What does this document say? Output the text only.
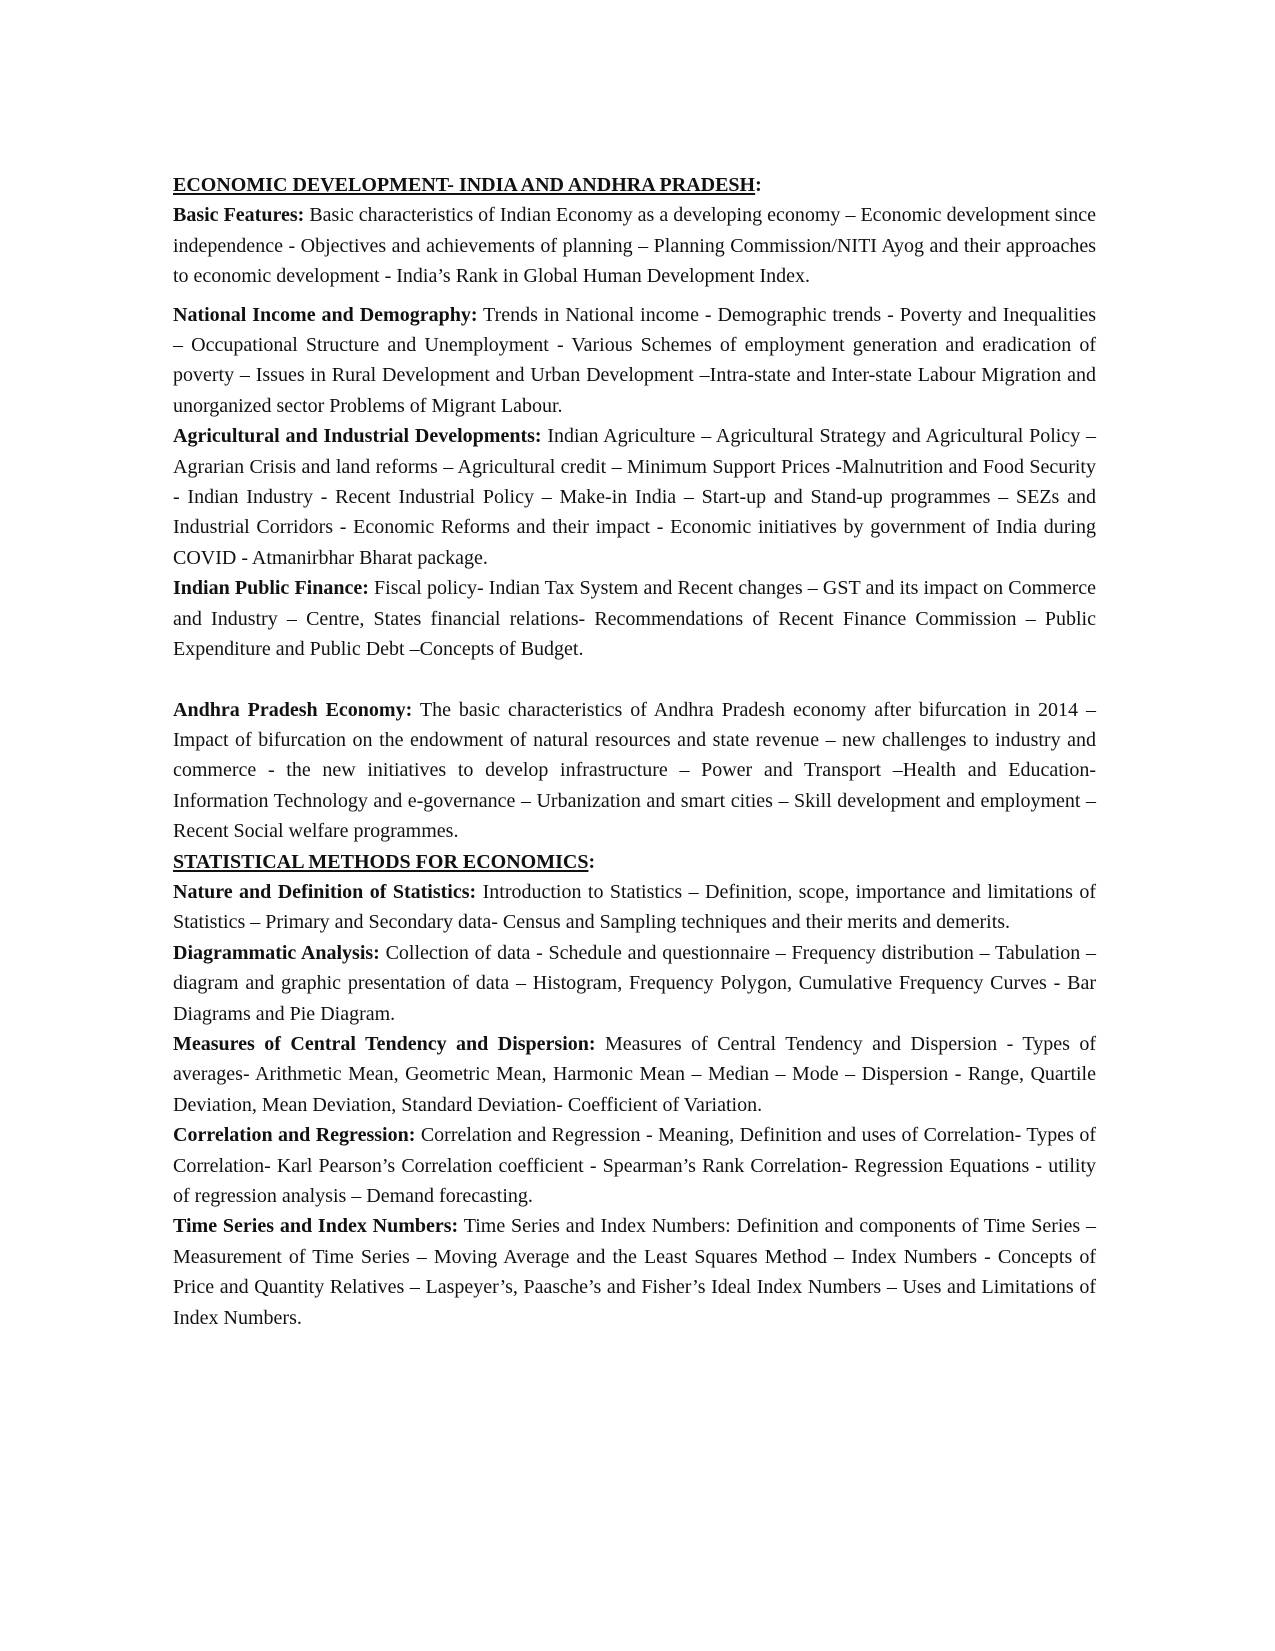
ECONOMIC DEVELOPMENT- INDIA AND ANDHRA PRADESH:

Basic Features: Basic characteristics of Indian Economy as a developing economy – Economic development since independence - Objectives and achievements of planning – Planning Commission/NITI Ayog and their approaches to economic development - India’s Rank in Global Human Development Index.

National Income and Demography: Trends in National income - Demographic trends - Poverty and Inequalities – Occupational Structure and Unemployment - Various Schemes of employment generation and eradication of poverty – Issues in Rural Development and Urban Development –Intra-state and Inter-state Labour Migration and unorganized sector Problems of Migrant Labour.

Agricultural and Industrial Developments: Indian Agriculture – Agricultural Strategy and Agricultural Policy – Agrarian Crisis and land reforms – Agricultural credit – Minimum Support Prices -Malnutrition and Food Security - Indian Industry - Recent Industrial Policy – Make-in India – Start-up and Stand-up programmes – SEZs and Industrial Corridors - Economic Reforms and their impact - Economic initiatives by government of India during COVID - Atmanirbhar Bharat package.

Indian Public Finance: Fiscal policy- Indian Tax System and Recent changes – GST and its impact on Commerce and Industry – Centre, States financial relations- Recommendations of Recent Finance Commission – Public Expenditure and Public Debt –Concepts of Budget.

Andhra Pradesh Economy: The basic characteristics of Andhra Pradesh economy after bifurcation in 2014 – Impact of bifurcation on the endowment of natural resources and state revenue – new challenges to industry and commerce - the new initiatives to develop infrastructure – Power and Transport –Health and Education- Information Technology and e-governance – Urbanization and smart cities – Skill development and employment –Recent Social welfare programmes.

STATISTICAL METHODS FOR ECONOMICS:

Nature and Definition of Statistics: Introduction to Statistics – Definition, scope, importance and limitations of Statistics – Primary and Secondary data- Census and Sampling techniques and their merits and demerits.

Diagrammatic Analysis: Collection of data - Schedule and questionnaire – Frequency distribution – Tabulation – diagram and graphic presentation of data – Histogram, Frequency Polygon, Cumulative Frequency Curves - Bar Diagrams and Pie Diagram.

Measures of Central Tendency and Dispersion: Measures of Central Tendency and Dispersion - Types of averages- Arithmetic Mean, Geometric Mean, Harmonic Mean – Median – Mode – Dispersion - Range, Quartile Deviation, Mean Deviation, Standard Deviation- Coefficient of Variation.

Correlation and Regression: Correlation and Regression - Meaning, Definition and uses of Correlation- Types of Correlation- Karl Pearson’s Correlation coefficient - Spearman’s Rank Correlation- Regression Equations - utility of regression analysis – Demand forecasting.

Time Series and Index Numbers: Time Series and Index Numbers: Definition and components of Time Series – Measurement of Time Series – Moving Average and the Least Squares Method – Index Numbers - Concepts of Price and Quantity Relatives – Laspeyer’s, Paasche’s and Fisher’s Ideal Index Numbers – Uses and Limitations of Index Numbers.
